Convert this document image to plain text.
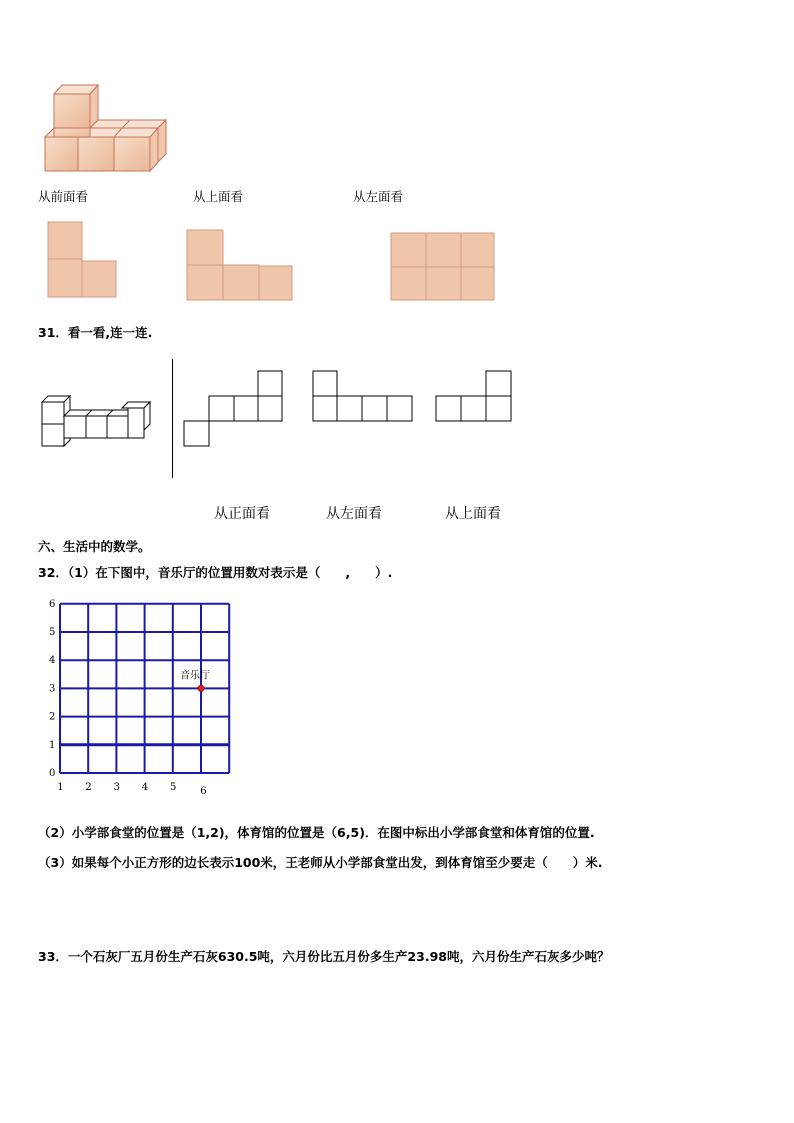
从前面看	从上面看	从左面看
31．看一看,连一连.
从正面看	从左面看	从上面看
六、生活中的数学。
32．（1）在下图中，音乐厅的位置用数对表示是（　　,　　）.
1 2 3 4 5 6
0
1
2
3
4
5
6
音乐厅
（2）小学部食堂的位置是（1,2)，体育馆的位置是（6,5)．在图中标出小学部食堂和体育馆的位置.
（3）如果每个小正方形的边长表示100米，王老师从小学部食堂出发，到体育馆至少要走（　　）米.
33．一个石灰厂五月份生产石灰630.5吨，六月份比五月份多生产23.98吨，六月份生产石灰多少吨？
